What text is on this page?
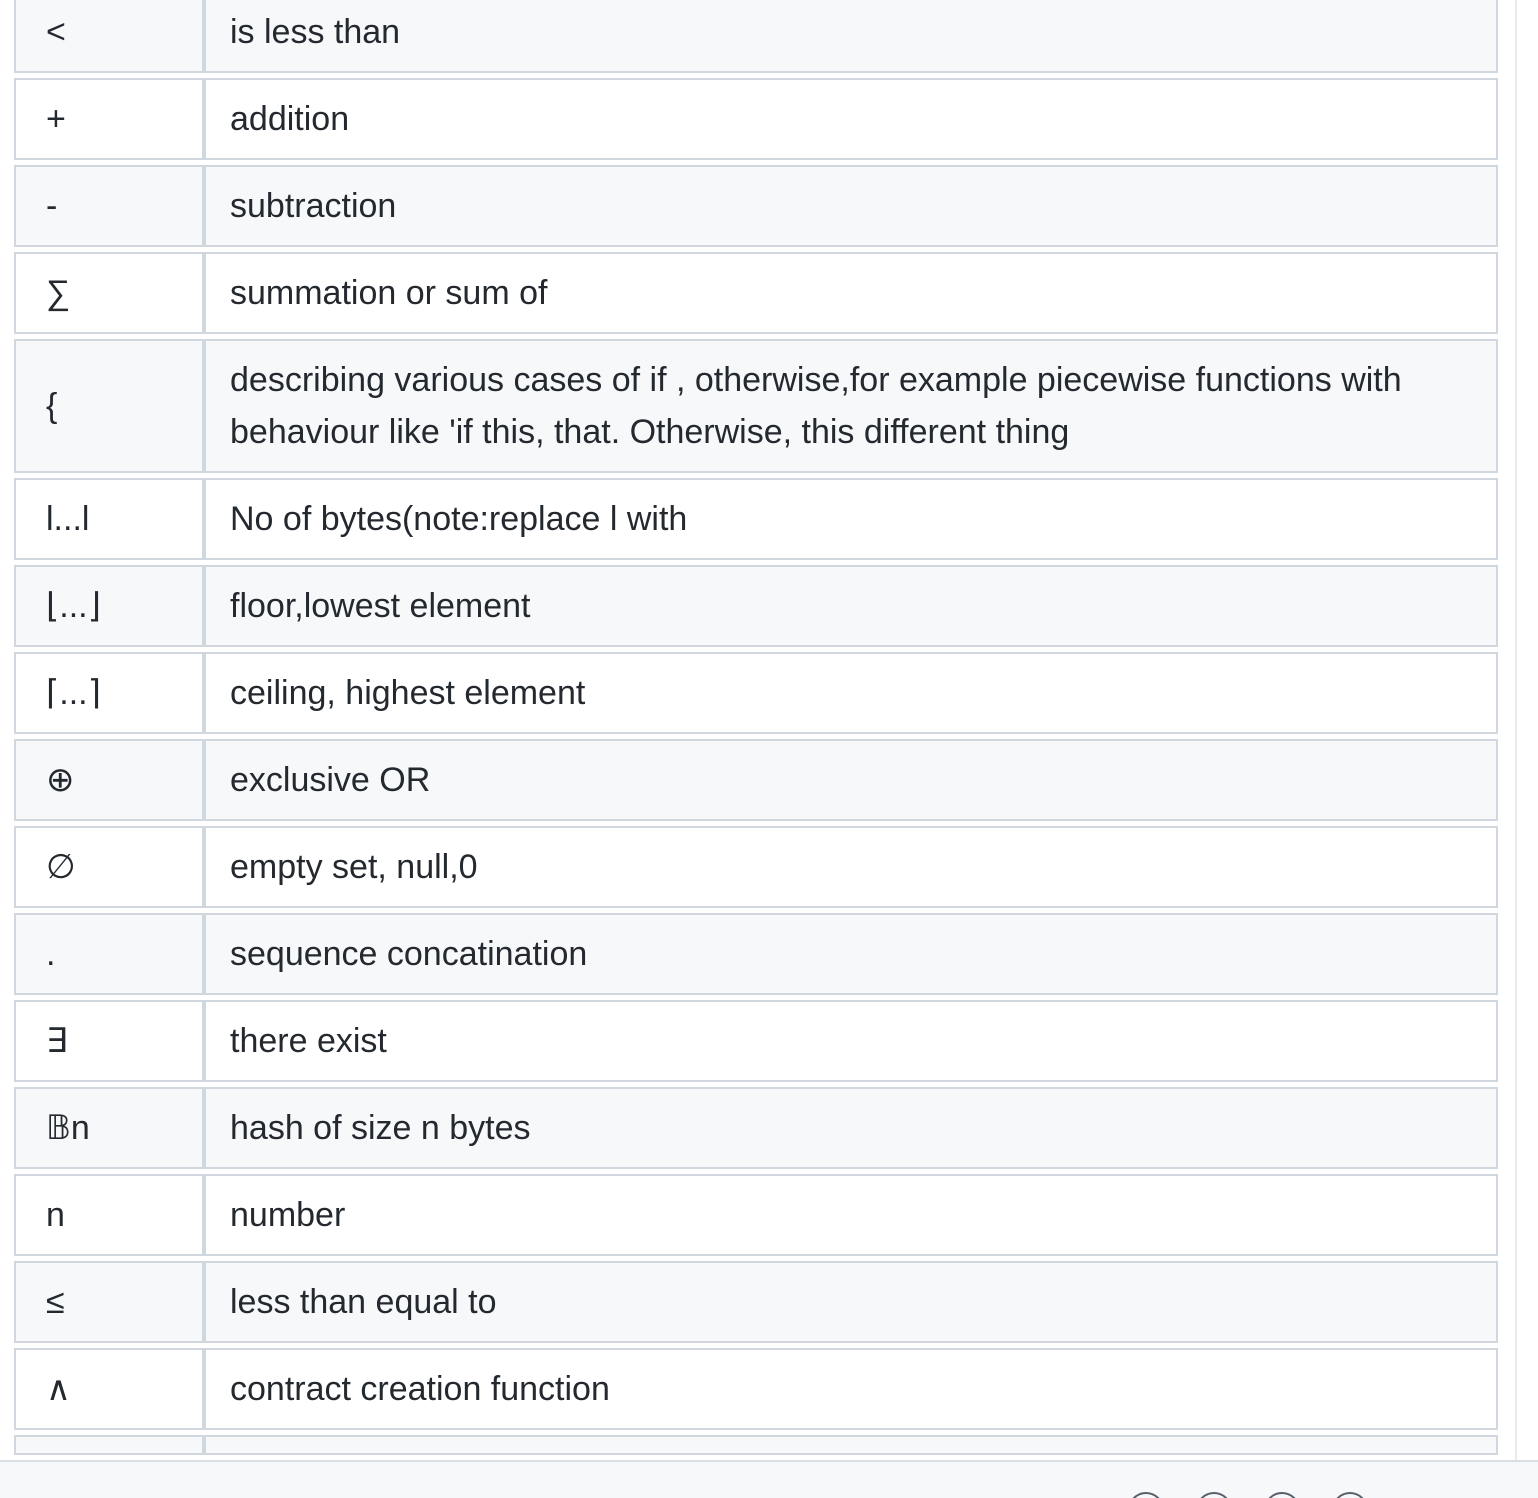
<	is less than
+	addition
-	subtraction
∑	summation or sum of
{	describing various cases of if , otherwise,for example piecewise functions with behaviour like 'if this, that. Otherwise, this different thing
l...l	No of bytes(note:replace l with
⌊...⌋	floor,lowest element
⌈...⌉	ceiling, highest element
⊕	exclusive OR
∅	empty set, null,0
.	sequence concatination
∃	there exist
𝔹n	hash of size n bytes
n	number
≤	less than equal to
∧	contract creation function
